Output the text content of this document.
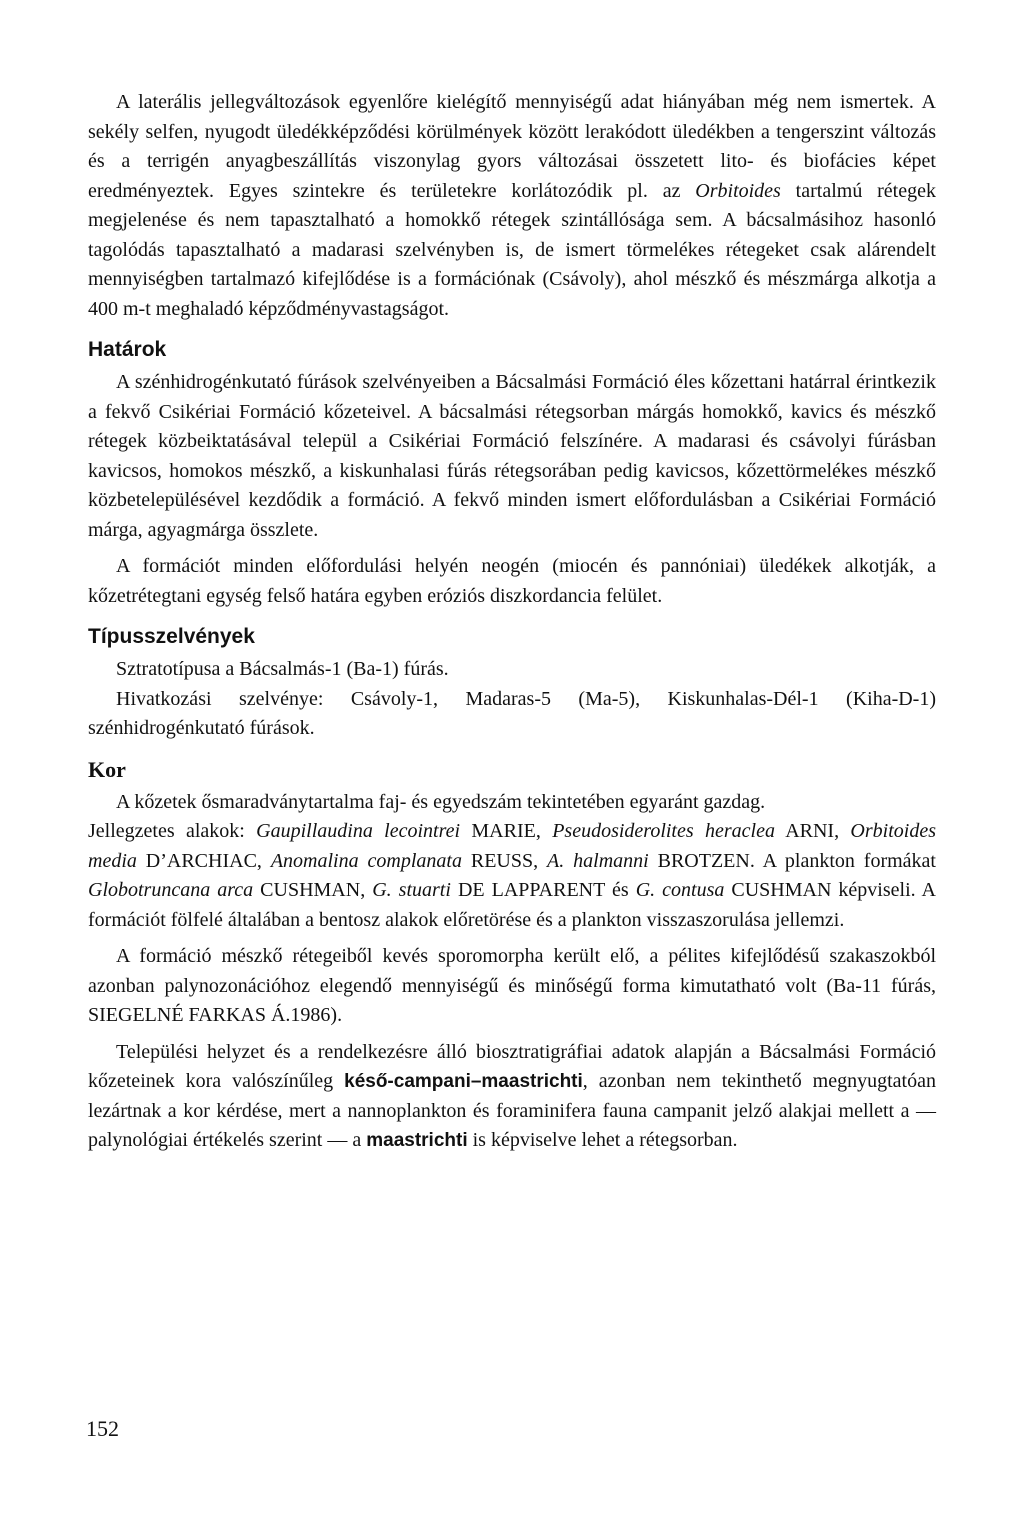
A laterális jellegváltozások egyenlőre kielégítő mennyiségű adat hiányában még nem ismertek. A sekély selfen, nyugodt üledékképződési körülmények között lerakódott üledékben a tengerszint változás és a terrigén anyagbeszállítás viszonylag gyors változásai összetett lito- és biofácies képet eredményeztek. Egyes szintekre és területekre korlátozódik pl. az Orbitoides tartalmú rétegek megjelenése és nem tapasztalható a homokkő rétegek szintállósága sem. A bácsalmásihoz hasonló tagolódás tapasztalható a madarasi szelvényben is, de ismert törmelékes rétegeket csak alárendelt mennyiségben tartalmazó kifejlődése is a formációnak (Csávoly), ahol mészkő és mészmárga alkotja a 400 m-t meghaladó képződményvastagságot.

Határok

A szénhidrogénkutató fúrások szelvényeiben a Bácsalmási Formáció éles kőzettani határral érintkezik a fekvő Csikériai Formáció kőzeteivel. A bácsalmási rétegsorban márgás homokkő, kavics és mészkő rétegek közbeiktatásával települ a Csikériai Formáció felszínére. A madarasi és csávolyi fúrásban kavicsos, homokos mészkő, a kiskunhalasi fúrás rétegsorában pedig kavicsos, kőzettörmelékes mészkő közbetelepülésével kezdődik a formáció. A fekvő minden ismert előfordulásban a Csikériai Formáció márga, agyagmárga összlete.

A formációt minden előfordulási helyén neogén (miocén és pannóniai) üledékek alkotják, a kőzetrétegtani egység felső határa egyben eróziós diszkordancia felület.

Típusszelvények

Sztratotípusa a Bácsalmás-1 (Ba-1) fúrás.

Hivatkozási szelvénye: Csávoly-1, Madaras-5 (Ma-5), Kiskunhalas-Dél-1 (Kiha-D-1) szénhidrogénkutató fúrások.

Kor

A kőzetek ősmaradványtartalma faj- és egyedszám tekintetében egyaránt gazdag.

Jellegzetes alakok: Gaupillaudina lecointrei MARIE, Pseudosiderolites heraclea ARNI, Orbitoides media D’ARCHIAC, Anomalina complanata REUSS, A. halmanni BROTZEN. A plankton formákat Globotruncana arca CUSHMAN, G. stuarti DE LAPPARENT és G. contusa CUSHMAN képviseli. A formációt fölfelé általában a bentosz alakok előretörése és a plankton visszaszorulása jellemzi.

A formáció mészkő rétegeiből kevés sporomorpha került elő, a pélites kifejlődésű szakaszokból azonban palynozonációhoz elegendő mennyiségű és minőségű forma kimutatható volt (Ba-11 fúrás, SIEGELNÉ FARKAS Á.1986).

Települési helyzet és a rendelkezésre álló biosztratigráfiai adatok alapján a Bácsalmási Formáció kőzeteinek kora valószínűleg késő-campani–maastrichti, azonban nem tekinthető megnyugtatóan lezártnak a kor kérdése, mert a nannoplankton és foraminifera fauna campanit jelző alakjai mellett a — palynológiai értékelés szerint — a maastrichti is képviselve lehet a rétegsorban.

152
